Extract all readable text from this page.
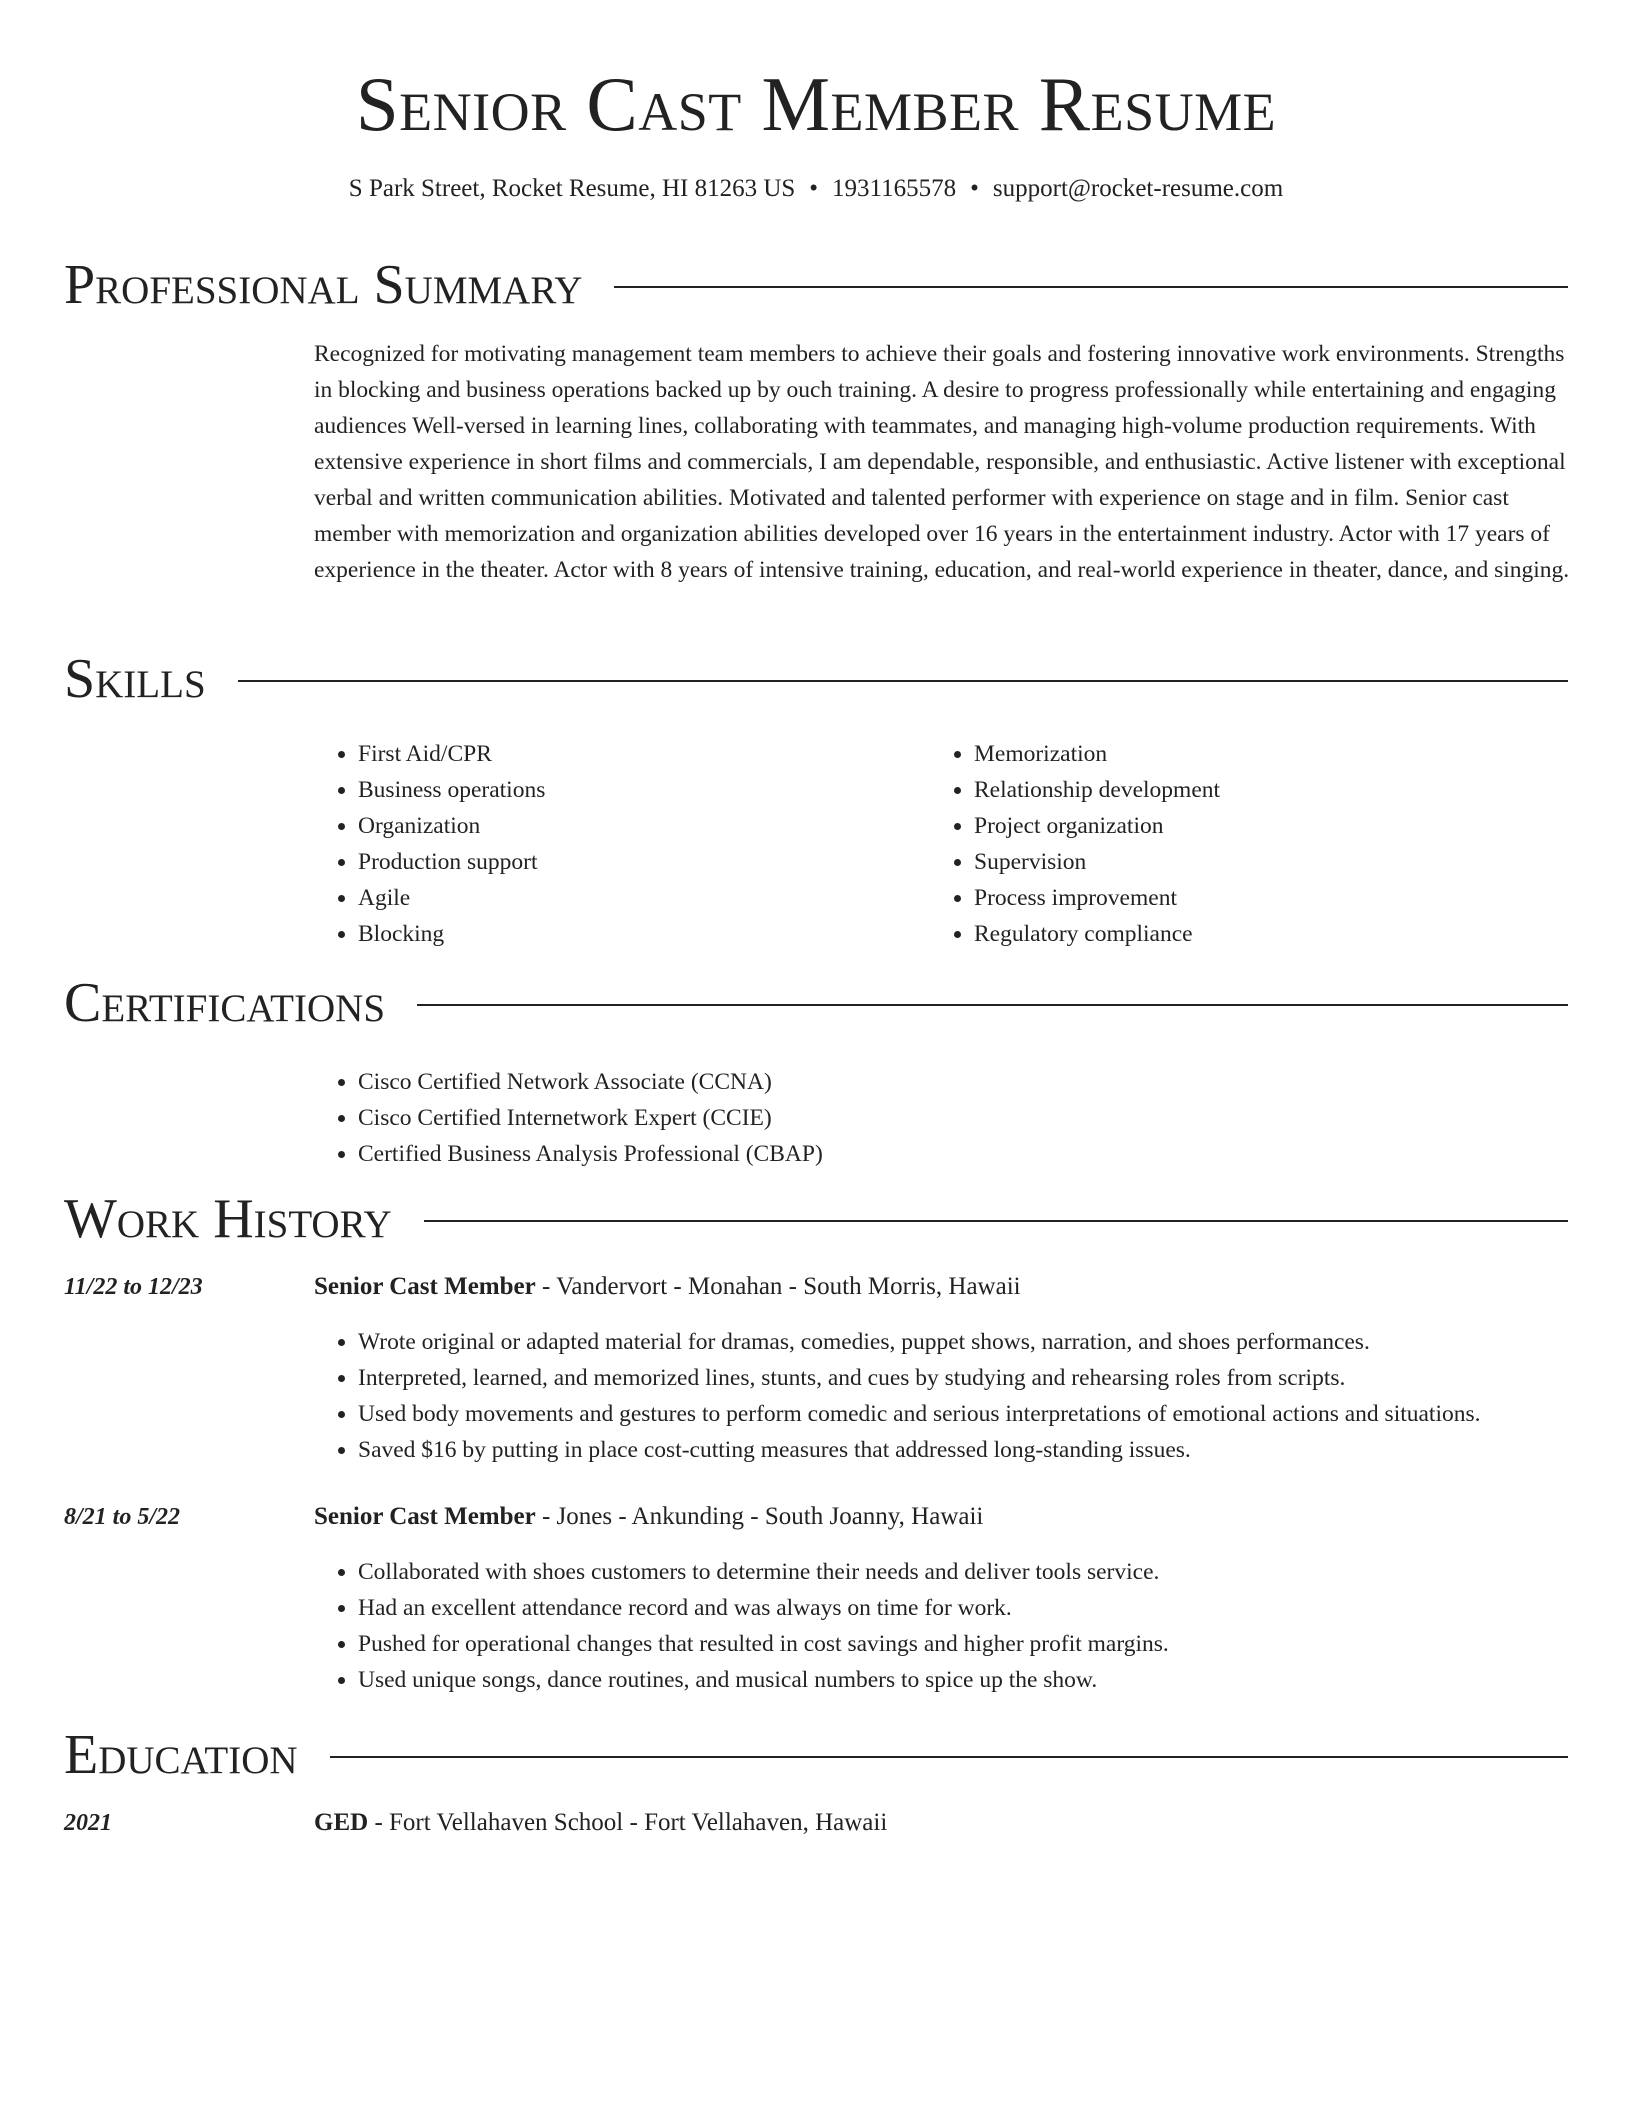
Senior Cast Member Resume
S Park Street, Rocket Resume, HI 81263 US • 1931165578 • support@rocket-resume.com
Professional Summary

Recognized for motivating management team members to achieve their goals and fostering innovative work environments. Strengths in blocking and business operations backed up by ouch training. A desire to progress professionally while entertaining and engaging audiences Well-versed in learning lines, collaborating with teammates, and managing high-volume production requirements. With extensive experience in short films and commercials, I am dependable, responsible, and enthusiastic. Active listener with exceptional verbal and written communication abilities. Motivated and talented performer with experience on stage and in film. Senior cast member with memorization and organization abilities developed over 16 years in the entertainment industry. Actor with 17 years of experience in the theater. Actor with 8 years of intensive training, education, and real-world experience in theater, dance, and singing.

Skills
• First Aid/CPR
• Business operations
• Organization
• Production support
• Agile
• Blocking
• Memorization
• Relationship development
• Project organization
• Supervision
• Process improvement
• Regulatory compliance
Certifications
• Cisco Certified Network Associate (CCNA)
• Cisco Certified Internetwork Expert (CCIE)
• Certified Business Analysis Professional (CBAP)
Work History
11/22 to 12/23	Senior Cast Member - Vandervort - Monahan - South Morris, Hawaii
• Wrote original or adapted material for dramas, comedies, puppet shows, narration, and shoes performances.
• Interpreted, learned, and memorized lines, stunts, and cues by studying and rehearsing roles from scripts.
• Used body movements and gestures to perform comedic and serious interpretations of emotional actions and situations.
• Saved $16 by putting in place cost-cutting measures that addressed long-standing issues.
8/21 to 5/22	Senior Cast Member - Jones - Ankunding - South Joanny, Hawaii
• Collaborated with shoes customers to determine their needs and deliver tools service.
• Had an excellent attendance record and was always on time for work.
• Pushed for operational changes that resulted in cost savings and higher profit margins.
• Used unique songs, dance routines, and musical numbers to spice up the show.
Education
2021	GED - Fort Vellahaven School - Fort Vellahaven, Hawaii
